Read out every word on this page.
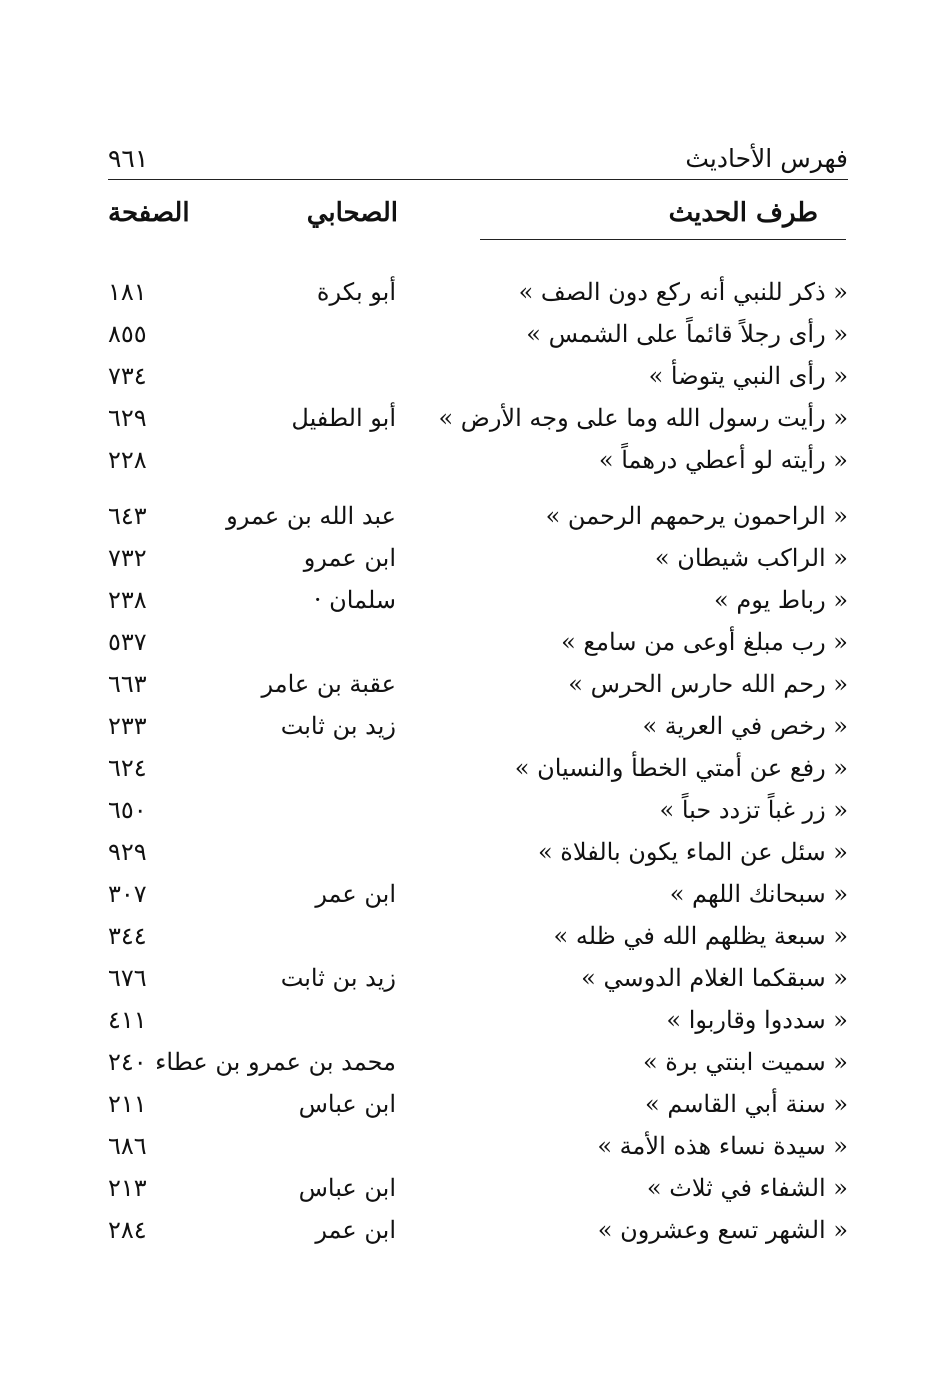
فهرس الأحاديث
٩٦١
طرف الحديث
الصحابي
الصفحة
« ذكر للنبي أنه ركع دون الصف »
أبو بكرة
١٨١
« رأى رجلاً قائماً على الشمس »
٨٥٥
« رأى النبي يتوضأ »
٧٣٤
« رأيت رسول الله وما على وجه الأرض »
أبو الطفيل
٦٢٩
« رأيته لو أعطي درهماً »
٢٢٨
« الراحمون يرحمهم الرحمن »
عبد الله بن عمرو
٦٤٣
« الراكب شيطان »
ابن عمرو
٧٣٢
« رباط يوم »
سلمان ·
٢٣٨
« رب مبلغ أوعى من سامع »
٥٣٧
« رحم الله حارس الحرس »
عقبة بن عامر
٦٦٣
« رخص في العرية »
زيد بن ثابت
٢٣٣
« رفع عن أمتي الخطأ والنسيان »
٦٢٤
« زر غباً تزدد حباً »
٦٥٠
« سئل عن الماء يكون بالفلاة »
٩٢٩
« سبحانك اللهم »
ابن عمر
٣٠٧
« سبعة يظلهم الله في ظله »
٣٤٤
« سبقكما الغلام الدوسي »
زيد بن ثابت
٦٧٦
« سددوا وقاربوا »
٤١١
« سميت ابنتي برة »
محمد بن عمرو بن عطاء
٢٤٠
« سنة أبي القاسم »
ابن عباس
٢١١
« سيدة نساء هذه الأمة »
٦٨٦
« الشفاء في ثلاث »
ابن عباس
٢١٣
« الشهر تسع وعشرون »
ابن عمر
٢٨٤
